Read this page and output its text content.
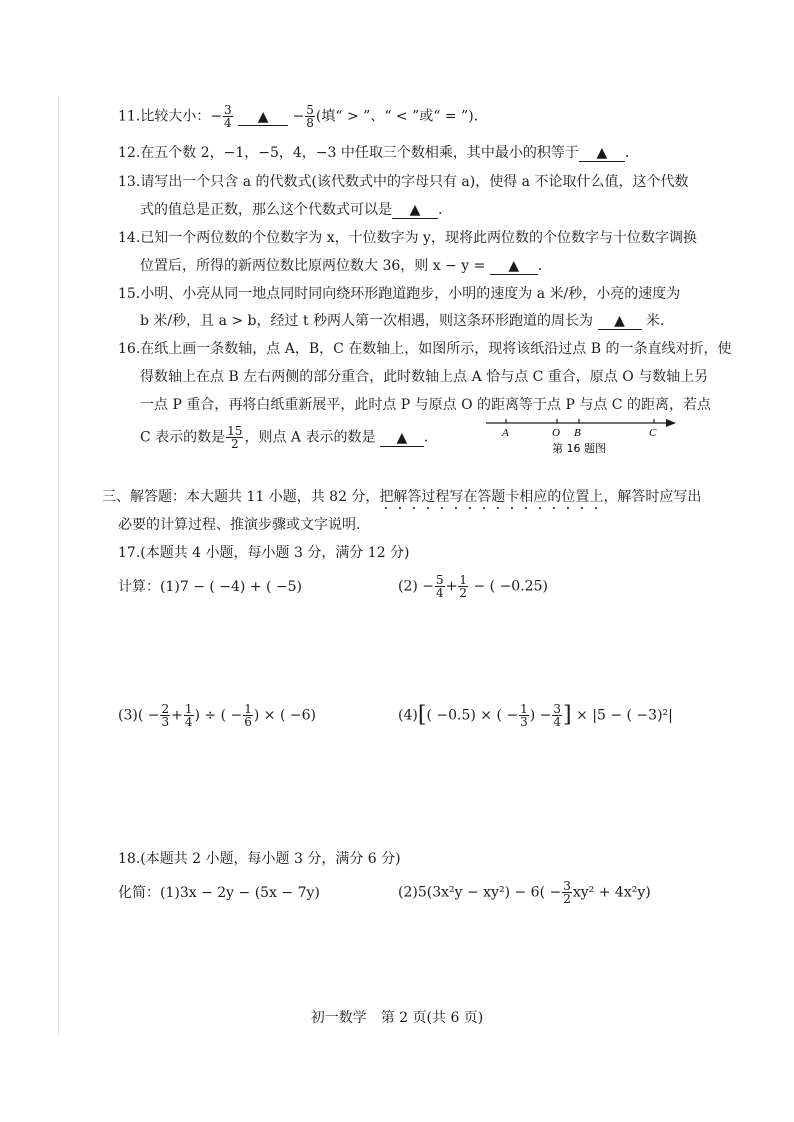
11.比较大小：− $\frac{3}{4}$ ▲ − $\frac{5}{8}$ (填“ > ”、“ < ”或“ = ”).
12.在五个数 2，−1，−5，4，−3 中任取三个数相乘，其中最小的积等于 ▲ .
13.请写出一个只含 a 的代数式(该代数式中的字母只有 a)，使得 a 不论取什么值，这个代数
式的值总是正数，那么这个代数式可以是 ▲ .
14.已知一个两位数的个位数字为 x，十位数字为 y，现将此两位数的个位数字与十位数字调换
位置后，所得的新两位数比原两位数大 36，则 x − y = ▲ .
15.小明、小亮从同一地点同时同向绕环形跑道跑步，小明的速度为 a 米/秒，小亮的速度为
b 米/秒，且 a > b，经过 t 秒两人第一次相遇，则这条环形跑道的周长为 ▲ 米.
16.在纸上画一条数轴，点 A，B，C 在数轴上，如图所示，现将该纸沿过点 B 的一条直线对折，使
得数轴上在点 B 左右两侧的部分重合，此时数轴上点 A 恰与点 C 重合，原点 O 与数轴上另
一点 P 重合，再将白纸重新展平，此时点 P 与原点 O 的距离等于点 P 与点 C 的距离，若点
C 表示的数是 $\frac{15}{2}$ ，则点 A 表示的数是 ▲ .	A	O B	C
第 16 题图
三、解答题：本大题共 11 小题，共 82 分，把解答过程写在答题卡相应的位置上，解答时应写出
必要的计算过程、推演步骤或文字说明.
17.(本题共 4 小题，每小题 3 分，满分 12 分)
计算：(1)7 − ( −4) + ( −5)	$(2) - \frac{5}{4} + \frac{1}{2}$ − ( −0.25)
$(3)( - \frac{2}{3} + \frac{1}{4}$ ) ÷ ( − $\frac{1}{6}$ ) × ( −6)	(4)[( −0.5) × ( − $\frac{1}{3}$ ) − $\frac{3}{4}$ ] × |5 − ( −3)²|
18.(本题共 2 小题，每小题 3 分，满分 6 分)
化简：(1)3x − 2y − (5x − 7y)	$(2)5(3x^2y - xy^2) - 6( - \frac{3}{2} xy^2 + 4x^2y)$
初一数学　第 2 页(共 6 页)
